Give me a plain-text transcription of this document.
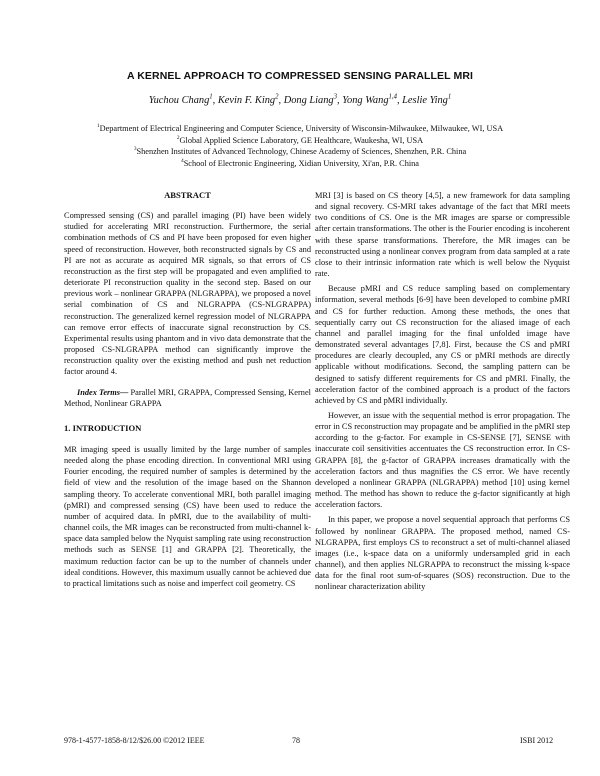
A KERNEL APPROACH TO COMPRESSED SENSING PARALLEL MRI
Yuchou Chang$^1$, Kevin F. King$^2$, Dong Liang$^3$, Yong Wang$^{1,4}$, Leslie Ying$^1$
$^1$Department of Electrical Engineering and Computer Science, University of Wisconsin-Milwaukee, Milwaukee, WI, USA
$^2$Global Applied Science Laboratory, GE Healthcare, Waukesha, WI, USA
$^3$Shenzhen Institutes of Advanced Technology, Chinese Academy of Sciences, Shenzhen, P.R. China
$^4$School of Electronic Engineering, Xidian University, Xi'an, P.R. China
ABSTRACT

Compressed sensing (CS) and parallel imaging (PI) have been widely studied for accelerating MRI reconstruction. Furthermore, the serial combination methods of CS and PI have been proposed for even higher speed of reconstruction. However, both reconstructed signals by CS and PI are not as accurate as acquired MR signals, so that errors of CS reconstruction as the first step will be propagated and even amplified to deteriorate PI reconstruction quality in the second step. Based on our previous work – nonlinear GRAPPA (NLGRAPPA), we proposed a novel serial combination of CS and NLGRAPPA (CS-NLGRAPPA) reconstruction. The generalized kernel regression model of NLGRAPPA can remove error effects of inaccurate signal reconstruction by CS. Experimental results using phantom and in vivo data demonstrate that the proposed CS-NLGRAPPA method can significantly improve the reconstruction quality over the existing method and push net reduction factor around 4.

Index Terms— Parallel MRI, GRAPPA, Compressed Sensing, Kernel Method, Nonlinear GRAPPA

1. INTRODUCTION

MR imaging speed is usually limited by the large number of samples needed along the phase encoding direction. In conventional MRI using Fourier encoding, the required number of samples is determined by the field of view and the resolution of the image based on the Shannon sampling theory. To accelerate conventional MRI, both parallel imaging (pMRI) and compressed sensing (CS) have been used to reduce the number of acquired data. In pMRI, due to the availability of multi-channel coils, the MR images can be reconstructed from multi-channel k-space data sampled below the Nyquist sampling rate using reconstruction methods such as SENSE [1] and GRAPPA [2]. Theoretically, the maximum reduction factor can be up to the number of channels under ideal conditions. However, this maximum usually cannot be achieved due to practical limitations such as noise and imperfect coil geometry. CS

MRI [3] is based on CS theory [4,5], a new framework for data sampling and signal recovery. CS-MRI takes advantage of the fact that MRI meets two conditions of CS. One is the MR images are sparse or compressible after certain transformations. The other is the Fourier encoding is incoherent with these sparse transformations. Therefore, the MR images can be reconstructed using a nonlinear convex program from data sampled at a rate close to their intrinsic information rate which is well below the Nyquist rate.

Because pMRI and CS reduce sampling based on complementary information, several methods [6-9] have been developed to combine pMRI and CS for further reduction. Among these methods, the ones that sequentially carry out CS reconstruction for the aliased image of each channel and parallel imaging for the final unfolded image have demonstrated several advantages [7,8]. First, because the CS and pMRI procedures are clearly decoupled, any CS or pMRI methods are directly applicable without modifications. Second, the sampling pattern can be designed to satisfy different requirements for CS and pMRI. Finally, the acceleration factor of the combined approach is a product of the factors achieved by CS and pMRI individually.

However, an issue with the sequential method is error propagation. The error in CS reconstruction may propagate and be amplified in the pMRI step according to the g-factor. For example in CS-SENSE [7], SENSE with inaccurate coil sensitivities accentuates the CS reconstruction error. In CS-GRAPPA [8], the g-factor of GRAPPA increases dramatically with the acceleration factors and thus magnifies the CS error. We have recently developed a nonlinear GRAPPA (NLGRAPPA) method [10] using kernel method. The method has shown to reduce the g-factor significantly at high acceleration factors.

In this paper, we propose a novel sequential approach that performs CS followed by nonlinear GRAPPA. The proposed method, named CS-NLGRAPPA, first employs CS to reconstruct a set of multi-channel aliased images (i.e., k-space data on a uniformly undersampled grid in each channel), and then applies NLGRAPPA to reconstruct the missing k-space data for the final root sum-of-squares (SOS) reconstruction. Due to the nonlinear characterization ability

978-1-4577-1858-8/12/$26.00 ©2012 IEEE	78	ISBI 2012
